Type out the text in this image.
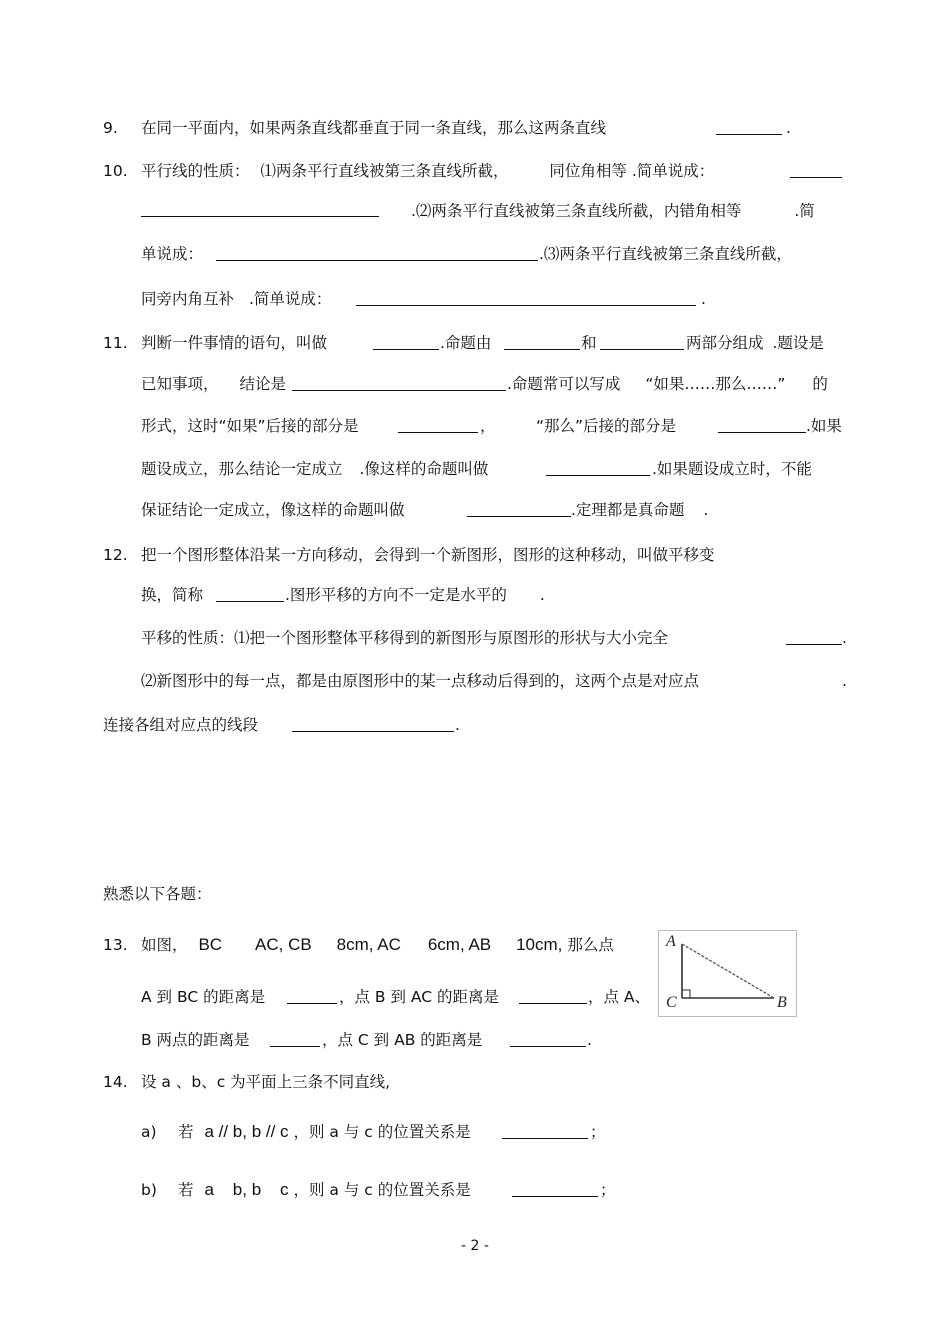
9. 在同一平面内，如果两条直线都垂直于同一条直线，那么这两条直线	.
10. 平行线的性质： ⑴两条平行直线被第三条直线所截，	同位角相等 .简单说成：
.⑵两条平行直线被第三条直线所截，内错角相等	.简
单说成：	.⑶两条平行直线被第三条直线所截，
同旁内角互补 .简单说成：	.
11. 判断一件事情的语句，叫做	.命题由	和	两部分组成 .题设是
已知事项， 结论是	.命题常可以写成 “如果……那么……” 的
形式，这时“如果”后接的部分是	，	“那么”后接的部分是	.如果
题设成立，那么结论一定成立 .像这样的命题叫做	.如果题设成立时，不能
保证结论一定成立，像这样的命题叫做	.定理都是真命题 .
12. 把一个图形整体沿某一方向移动，会得到一个新图形，图形的这种移动，叫做平移变
换，简称	.图形平移的方向不一定是水平的 .
平移的性质：⑴把一个图形整体平移得到的新图形与原图形的形状与大小完全	.
⑵新图形中的每一点，都是由原图形中的某一点移动后得到的，这两个点是对应点	.
连接各组对应点的线段	.
熟悉以下各题：
13. 如图， BC AC, CB 8cm, AC 6cm, AB 10cm, 那么点
A 到 BC 的距离是	，点 B 到 AC 的距离是	，点 A、
B 两点的距离是	，点 C 到 AB 的距离是	.
A
C	B
14. 设 a 、b、c 为平面上三条不同直线,
a) 若 a // b, b // c ，则 a 与 c 的位置关系是	；
b) 若 a    b, b    c ，则 a 与 c 的位置关系是	；
- 2 -
